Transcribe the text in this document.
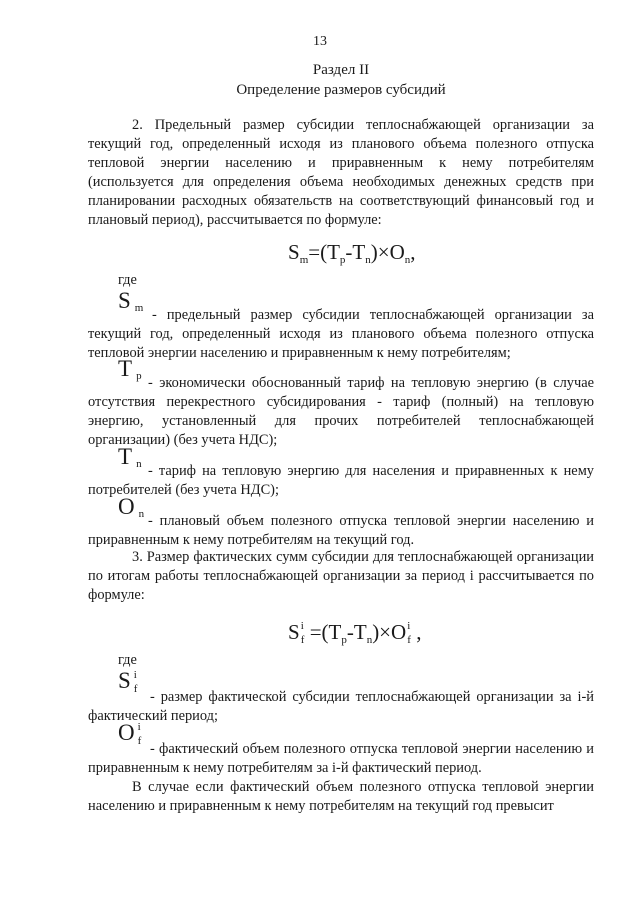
13
Раздел II
Определение размеров субсидий
2. Предельный размер субсидии теплоснабжающей организации за текущий год, определенный исходя из планового объема полезного отпуска тепловой энергии населению и приравненным к нему потребителям (используется для определения объема необходимых денежных средств при планировании расходных обязательств на соответствующий финансовый год и плановый период), рассчитывается по формуле:
$S_m=(T_p-T_n)\times O_n$,
где
Sm - предельный размер субсидии теплоснабжающей организации за текущий год, определенный исходя из планового объема полезного отпуска тепловой энергии населению и приравненным к нему потребителям;
Tp - экономически обоснованный тариф на тепловую энергию (в случае отсутствия перекрестного субсидирования - тариф (полный) на тепловую энергию, установленный для прочих потребителей теплоснабжающей организации) (без учета НДС);
Tn - тариф на тепловую энергию для населения и приравненных к нему потребителей (без учета НДС);
On - плановый объем полезного отпуска тепловой энергии населению и приравненным к нему потребителям на текущий год.
3. Размер фактических сумм субсидии для теплоснабжающей организации по итогам работы теплоснабжающей организации за период i рассчитывается по формуле:
S i
$f =(T_p-T_n)\times O$ i
f ,
где
S i
f - размер фактической субсидии теплоснабжающей организации за i-й фактический период;
O i
f - фактический объем полезного отпуска тепловой энергии населению и приравненным к нему потребителям за i-й фактический период.
В случае если фактический объем полезного отпуска тепловой энергии населению и приравненным к нему потребителям на текущий год превысит
